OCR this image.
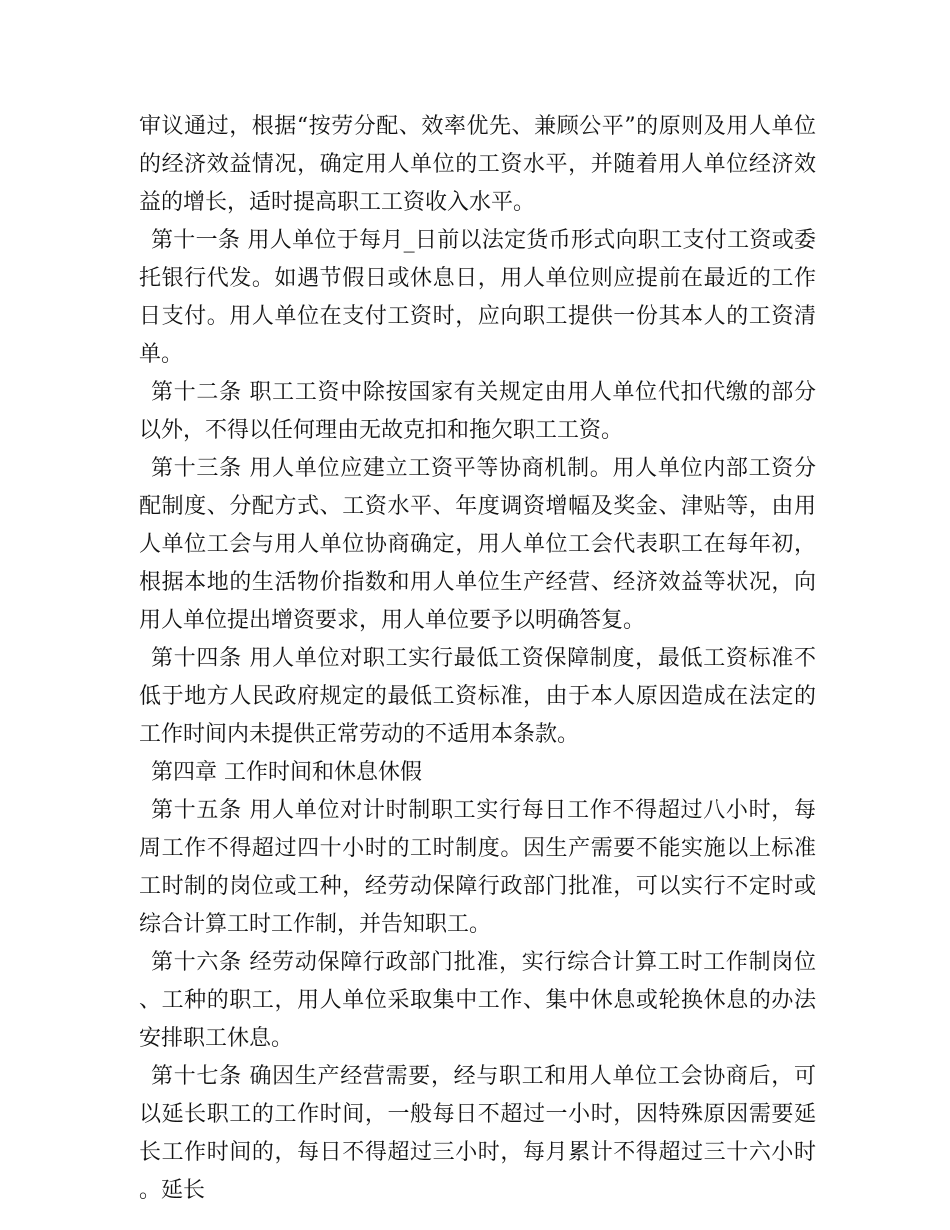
审议通过，根据“按劳分配、效率优先、兼顾公平”的原则及用人单位的经济效益情况，确定用人单位的工资水平，并随着用人单位经济效益的增长，适时提高职工工资收入水平。

第十一条 用人单位于每月_日前以法定货币形式向职工支付工资或委托银行代发。如遇节假日或休息日，用人单位则应提前在最近的工作日支付。用人单位在支付工资时，应向职工提供一份其本人的工资清单。

第十二条 职工工资中除按国家有关规定由用人单位代扣代缴的部分以外，不得以任何理由无故克扣和拖欠职工工资。

第十三条 用人单位应建立工资平等协商机制。用人单位内部工资分配制度、分配方式、工资水平、年度调资增幅及奖金、津贴等，由用人单位工会与用人单位协商确定，用人单位工会代表职工在每年初，根据本地的生活物价指数和用人单位生产经营、经济效益等状况，向用人单位提出增资要求，用人单位要予以明确答复。

第十四条 用人单位对职工实行最低工资保障制度，最低工资标准不低于地方人民政府规定的最低工资标准，由于本人原因造成在法定的工作时间内未提供正常劳动的不适用本条款。

第四章 工作时间和休息休假

第十五条 用人单位对计时制职工实行每日工作不得超过八小时，每周工作不得超过四十小时的工时制度。因生产需要不能实施以上标准工时制的岗位或工种，经劳动保障行政部门批准，可以实行不定时或综合计算工时工作制，并告知职工。

第十六条 经劳动保障行政部门批准，实行综合计算工时工作制岗位、工种的职工，用人单位采取集中工作、集中休息或轮换休息的办法安排职工休息。

第十七条 确因生产经营需要，经与职工和用人单位工会协商后，可以延长职工的工作时间，一般每日不超过一小时，因特殊原因需要延长工作时间的，每日不得超过三小时，每月累计不得超过三十六小时。延长
